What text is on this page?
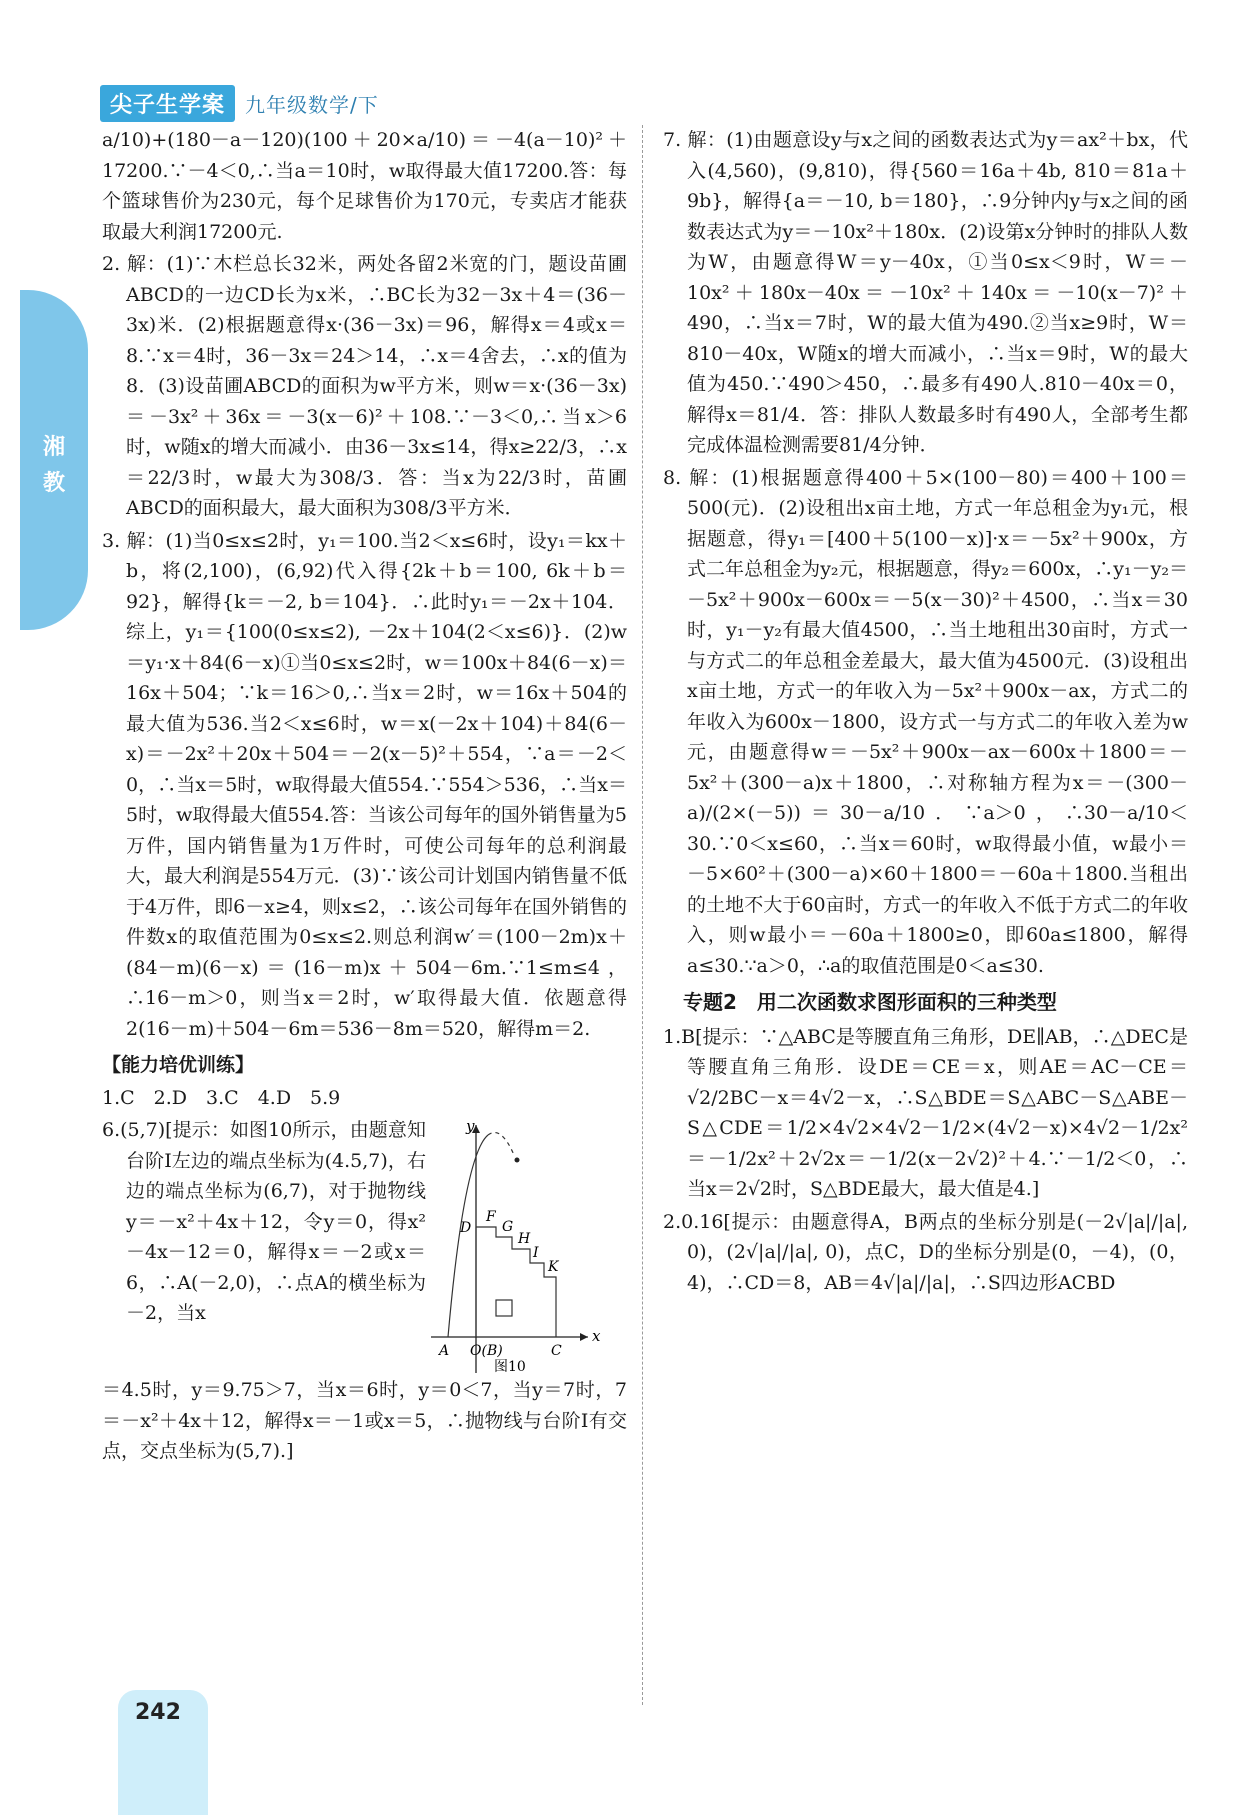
尖子生学案	九年级数学/下
湘
教

a/10)+(180－a－120)(100＋20×a/10)＝－4(a－10)²＋17200.∵－4＜0,∴当a＝10时，w取得最大值17200.答：每个篮球售价为230元，每个足球售价为170元，专卖店才能获取最大利润17200元.

2. 解：(1)∵木栏总长32米，两处各留2米宽的门，题设苗圃ABCD的一边CD长为x米，∴BC长为32－3x＋4＝(36－3x)米．(2)根据题意得x·(36－3x)＝96，解得x＝4或x＝8.∵x＝4时，36－3x＝24＞14，∴x＝4舍去，∴x的值为8．(3)设苗圃ABCD的面积为w平方米，则w＝x·(36－3x)＝－3x²＋36x＝－3(x－6)²＋108.∵－3＜0,∴当x＞6时，w随x的增大而减小．由36－3x≤14，得x≥22/3，∴x＝22/3时，w最大为308/3．答：当x为22/3时，苗圃ABCD的面积最大，最大面积为308/3平方米．

3. 解：(1)当0≤x≤2时，y₁＝100.当2＜x≤6时，设y₁＝kx＋b，将(2,100)，(6,92)代入得{2k＋b＝100, 6k＋b＝92}，解得{k＝－2, b＝104}．∴此时y₁＝－2x＋104．综上，y₁＝{100(0≤x≤2), －2x＋104(2＜x≤6)}．(2)w＝y₁·x＋84(6－x)①当0≤x≤2时，w＝100x＋84(6－x)＝16x＋504；∵k＝16＞0,∴当x＝2时，w＝16x＋504的最大值为536.当2＜x≤6时，w＝x(－2x＋104)＋84(6－x)＝－2x²＋20x＋504＝－2(x－5)²＋554，∵a＝－2＜0，∴当x＝5时，w取得最大值554.∵554＞536，∴当x＝5时，w取得最大值554.答：当该公司每年的国外销售量为5万件，国内销售量为1万件时，可使公司每年的总利润最大，最大利润是554万元．(3)∵该公司计划国内销售量不低于4万件，即6－x≥4，则x≤2，∴该公司每年在国外销售的件数x的取值范围为0≤x≤2.则总利润w′＝(100－2m)x＋(84－m)(6－x)＝(16－m)x＋504－6m.∵1≤m≤4，∴16－m＞0，则当x＝2时，w′取得最大值．依题意得2(16－m)＋504－6m＝536－8m＝520，解得m＝2.

【能力培优训练】

1.C　2.D　3.C　4.D　5.9

6.(5,7)[提示：如图10所示，由题意知台阶I左边的端点坐标为(4.5,7)，右边的端点坐标为(6,7)，对于抛物线y＝－x²＋4x＋12，令y＝0，得x²－4x－12＝0，解得x＝－2或x＝6，∴A(－2,0)，∴点A的横坐标为－2，当x

y
x
D
F
G
H
I
K
A O(B)	C
图10

＝4.5时，y＝9.75＞7，当x＝6时，y＝0＜7，当y＝7时，7＝－x²＋4x＋12，解得x＝－1或x＝5，∴抛物线与台阶I有交点，交点坐标为(5,7).]

7. 解：(1)由题意设y与x之间的函数表达式为y＝ax²＋bx，代入(4,560)，(9,810)，得{560＝16a＋4b, 810＝81a＋9b}，解得{a＝－10, b＝180}，∴9分钟内y与x之间的函数表达式为y＝－10x²＋180x．(2)设第x分钟时的排队人数为W，由题意得W＝y－40x，①当0≤x＜9时，W＝－10x²＋180x－40x＝－10x²＋140x＝－10(x－7)²＋490，∴当x＝7时，W的最大值为490.②当x≥9时，W＝810－40x，W随x的增大而减小，∴当x＝9时，W的最大值为450.∵490＞450，∴最多有490人.810－40x＝0，解得x＝81/4．答：排队人数最多时有490人，全部考生都完成体温检测需要81/4分钟．

8. 解：(1)根据题意得400＋5×(100－80)＝400＋100＝500(元)．(2)设租出x亩土地，方式一年总租金为y₁元，根据题意，得y₁＝[400＋5(100－x)]·x＝－5x²＋900x，方式二年总租金为y₂元，根据题意，得y₂＝600x，∴y₁－y₂＝－5x²＋900x－600x＝－5(x－30)²＋4500，∴当x＝30时，y₁－y₂有最大值4500，∴当土地租出30亩时，方式一与方式二的年总租金差最大，最大值为4500元．(3)设租出x亩土地，方式一的年收入为－5x²＋900x－ax，方式二的年收入为600x－1800，设方式一与方式二的年收入差为w元，由题意得w＝－5x²＋900x－ax－600x＋1800＝－5x²＋(300－a)x＋1800，∴对称轴方程为x＝－(300－a)/(2×(－5))＝30－a/10．∵a＞0，∴30－a/10＜30.∵0＜x≤60，∴当x＝60时，w取得最小值，w最小＝－5×60²＋(300－a)×60＋1800＝－60a＋1800.当租出的土地不大于60亩时，方式一的年收入不低于方式二的年收入，则w最小＝－60a＋1800≥0，即60a≤1800，解得a≤30.∵a＞0，∴a的取值范围是0＜a≤30.

专题2　用二次函数求图形面积的三种类型

1.B[提示：∵△ABC是等腰直角三角形，DE∥AB，∴△DEC是等腰直角三角形．设DE＝CE＝x，则AE＝AC－CE＝√2/2BC－x＝4√2－x，∴S△BDE＝S△ABC－S△ABE－S△CDE＝1/2×4√2×4√2－1/2×(4√2－x)×4√2－1/2x²＝－1/2x²＋2√2x＝－1/2(x－2√2)²＋4.∵－1/2＜0，∴当x＝2√2时，S△BDE最大，最大值是4.]

2.0.16[提示：由题意得A，B两点的坐标分别是(－2√|a|/|a|, 0)，(2√|a|/|a|, 0)，点C，D的坐标分别是(0，－4)，(0，4)，∴CD＝8，AB＝4√|a|/|a|，∴S四边形ACBD

242
